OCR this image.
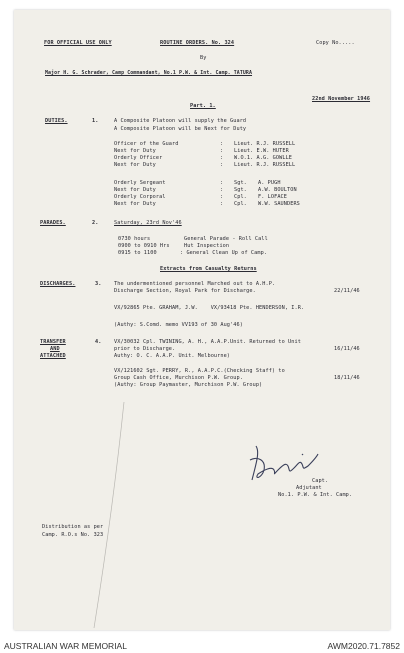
FOR OFFICIAL USE ONLY	ROUTINE ORDERS. No. 324	Copy No.....
By
Major H. G. Schrader, Camp Commandant, No.1 P.W. & Int. Camp. TATURA
22nd November 1946
Part. 1.
DUTIES.	1.	A Composite Platoon will supply the Guard
A Composite Platoon will be Next for Duty
Officer of the Guard	: Lieut. R.J. RUSSELL
Next for Duty	: Lieut. E.W. HUTER
Orderly Officer	: W.O.1. A.G. GOWLLE
Next for Duty	: Lieut. R.J. RUSSELL
Orderly Sergeant	: Sgt. A. PUGH
Next for Duty	: Sgt. A.W. BOULTON
Orderly Corporal	: Cpl. F. LOFACE
Next for Duty	: Cpl. W.W. SAUNDERS
PARADES.	2.	Saturday, 23rd Nov'46
0730 hours	General Parade - Roll Call
0900 to 0910 Hrs	Hut Inspection
0915 to 1100	: General Clean Up of Camp.
Extracts from Casualty Returns
DISCHARGES.	3. The undermentioned personnel Marched out to A.H.P.
Discharge Section, Royal Park for Discharge.	22/11/46
VX/92865 Pte. GRAHAM, J.W.    VX/93418 Pte. HENDERSON, I.R.
(Authy: S.Comd. memo VV193 of 30 Aug'46)
TRANSFER
AND
ATTACHED
4. VX/30032 Cpl. TWINING, A. H., A.A.P.Unit. Returned to Unit
prior to Discharge.	16/11/46
Authy: O. C. A.A.P. Unit. Melbourne)
VX/121602 Sgt. PERRY, R., A.A.P.C.(Checking Staff) to
Group Cash Office, Murchison P.W. Group.	18/11/46
(Authy: Group Paymaster, Murchison P.W. Group)
Capt.
Adjutant
No.1. P.W. & Int. Camp.
Distribution as per
Camp. R.O.s No. 323
AUSTRALIAN WAR MEMORIAL	AWM2020.71.7852
